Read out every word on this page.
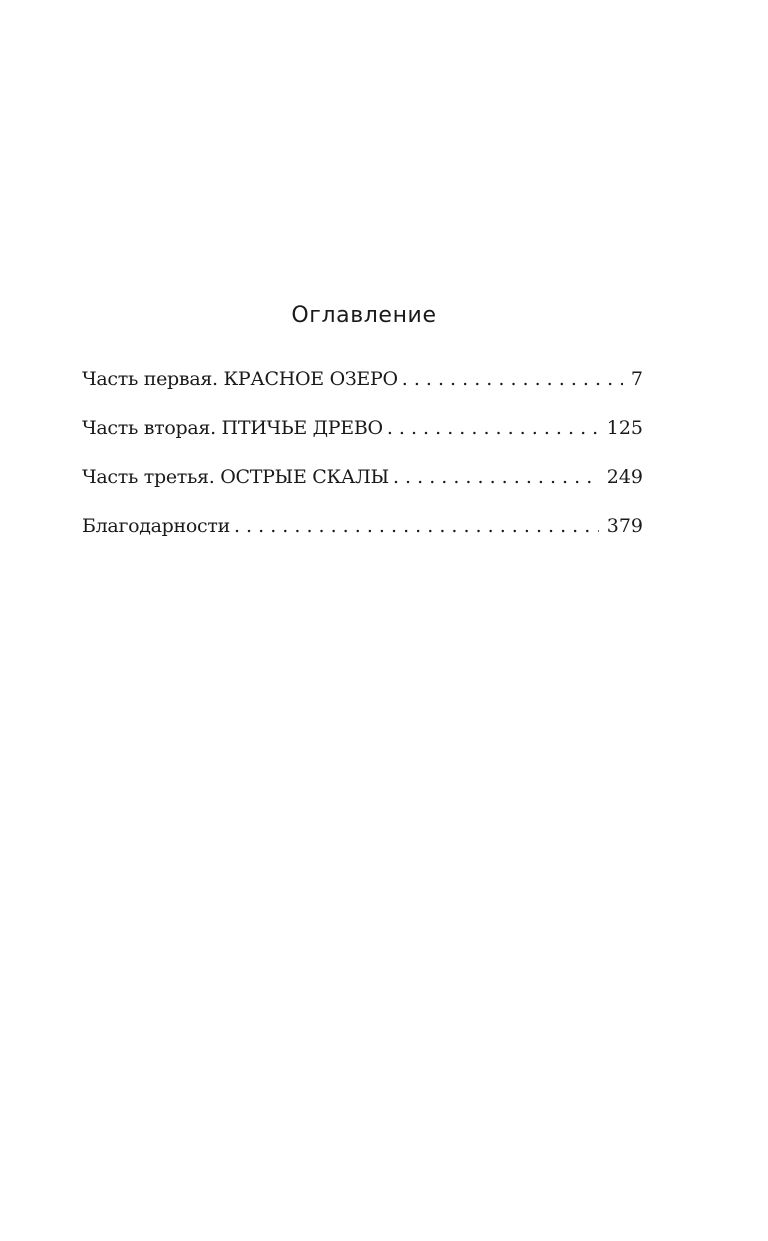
Оглавление
Часть первая. КРАСНОЕ ОЗЕРО . . .	7
Часть вторая. ПТИЧЬЕ ДРЕВО . . .	125
Часть третья. ОСТРЫЕ СКАЛЫ . . .	249
Благодарности . . .	379
